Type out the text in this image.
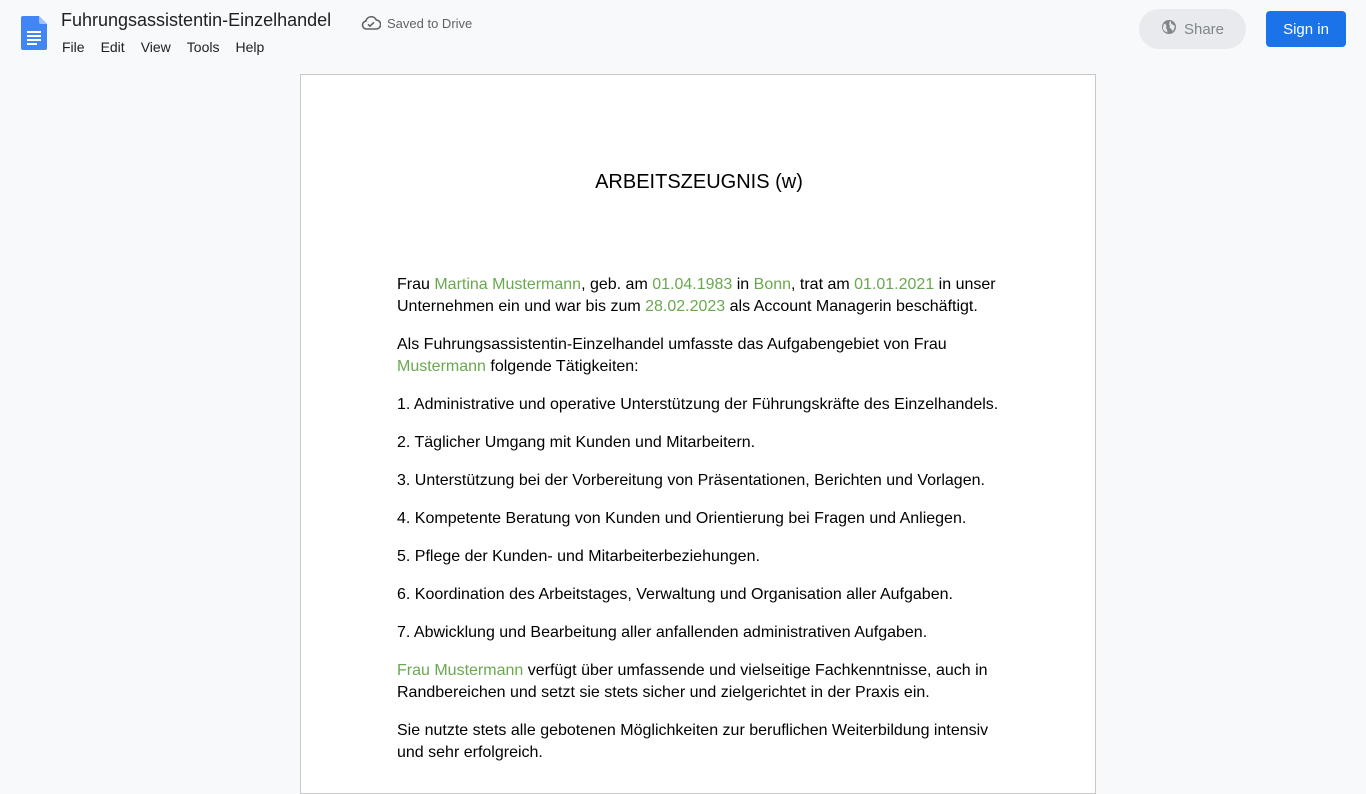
Fuhrungsassistentin-Einzelhandel	Saved to Drive
File	Edit	View	Tools	Help
Share	Sign in
ARBEITSZEUGNIS (w)

Frau Martina Mustermann, geb. am 01.04.1983 in Bonn, trat am 01.01.2021 in unser Unternehmen ein und war bis zum 28.02.2023 als Account Managerin beschäftigt.

Als Fuhrungsassistentin-Einzelhandel umfasste das Aufgabengebiet von Frau Mustermann folgende Tätigkeiten:

1. Administrative und operative Unterstützung der Führungskräfte des Einzelhandels.

2. Täglicher Umgang mit Kunden und Mitarbeitern.

3. Unterstützung bei der Vorbereitung von Präsentationen, Berichten und Vorlagen.

4. Kompetente Beratung von Kunden und Orientierung bei Fragen und Anliegen.

5. Pflege der Kunden- und Mitarbeiterbeziehungen.

6. Koordination des Arbeitstages, Verwaltung und Organisation aller Aufgaben.

7. Abwicklung und Bearbeitung aller anfallenden administrativen Aufgaben.

Frau Mustermann verfügt über umfassende und vielseitige Fachkenntnisse, auch in Randbereichen und setzt sie stets sicher und zielgerichtet in der Praxis ein.

Sie nutzte stets alle gebotenen Möglichkeiten zur beruflichen Weiterbildung intensiv und sehr erfolgreich.
